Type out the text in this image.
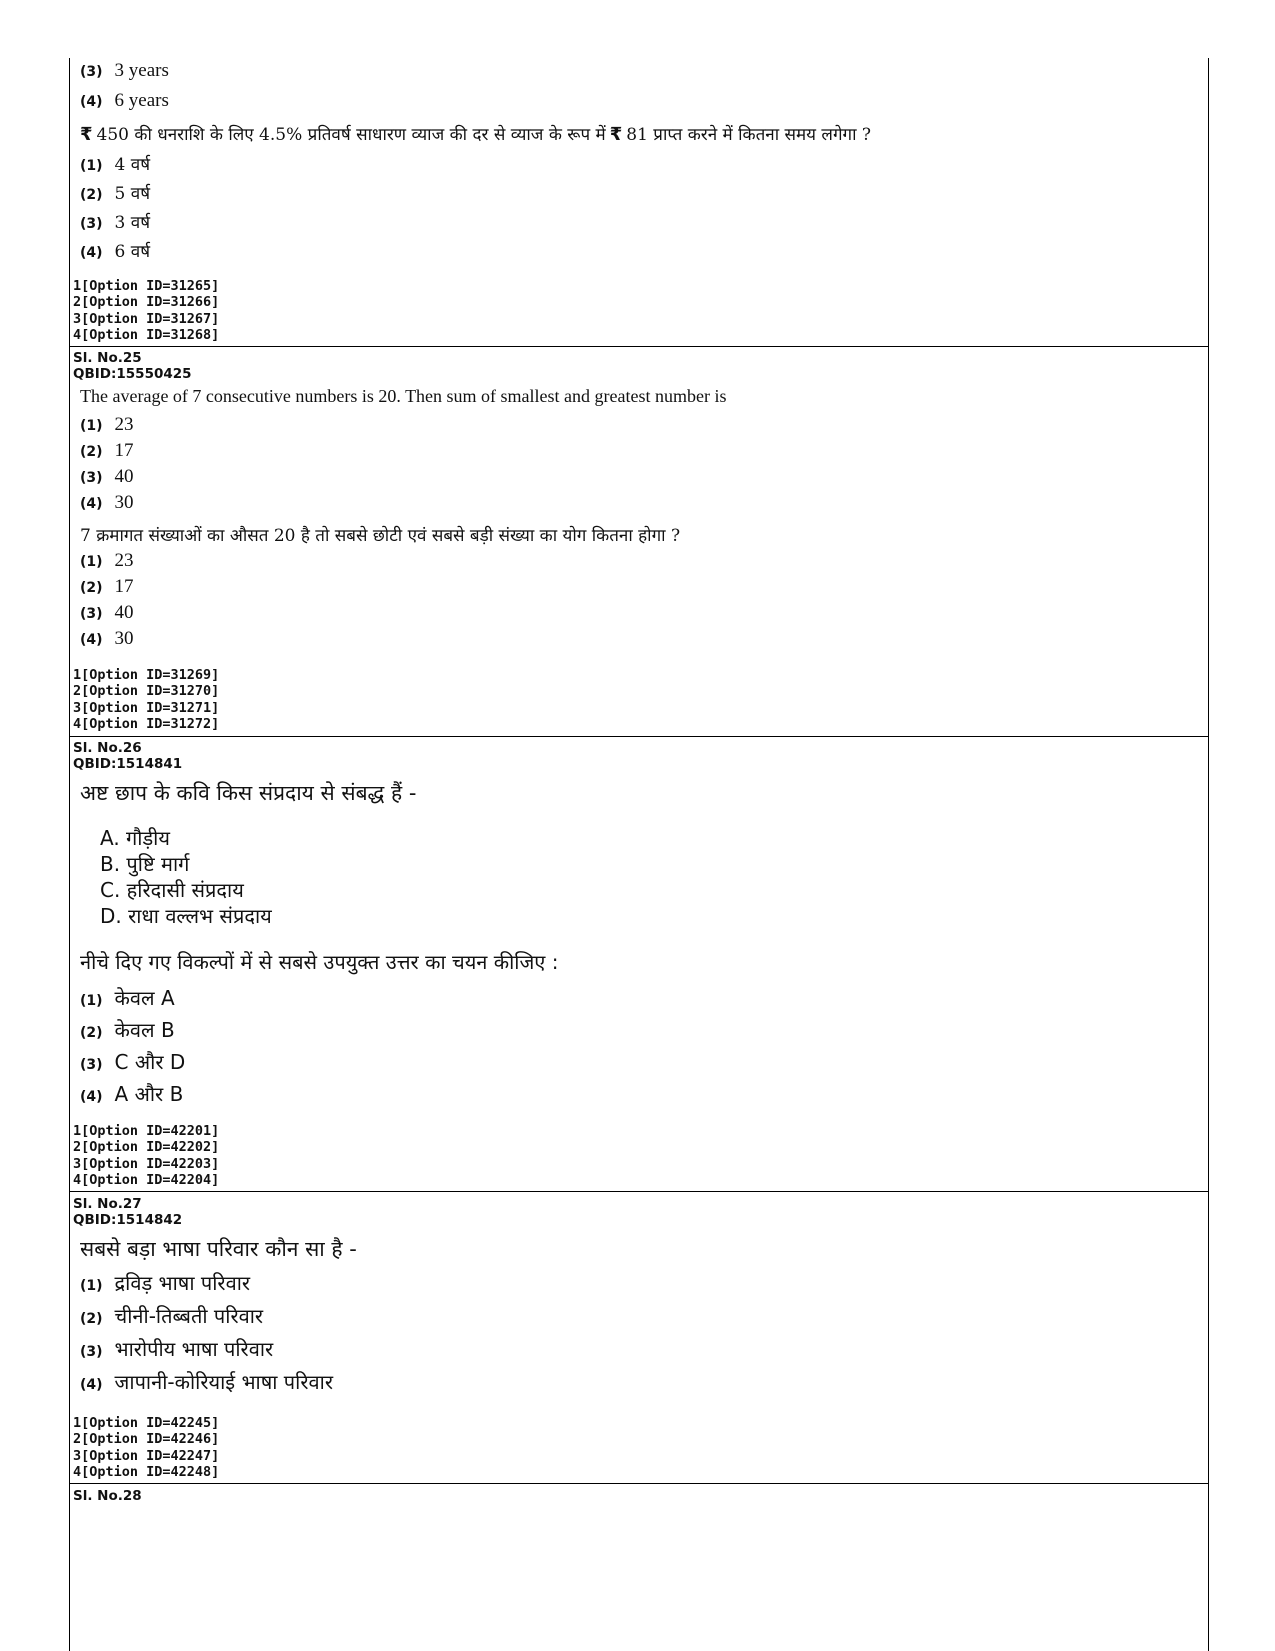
(3) 3 years
(4) 6 years
₹ 450 की धनराशि के लिए 4.5% प्रतिवर्ष साधारण व्याज की दर से व्याज के रूप में ₹ 81 प्राप्त करने में कितना समय लगेगा ?
(1) 4 वर्ष
(2) 5 वर्ष
(3) 3 वर्ष
(4) 6 वर्ष
1[Option ID=31265]
2[Option ID=31266]
3[Option ID=31267]
4[Option ID=31268]
Sl. No.25
QBID:15550425
The average of 7 consecutive numbers is 20. Then sum of smallest and greatest number is
(1) 23
(2) 17
(3) 40
(4) 30
7 क्रमागत संख्याओं का औसत 20 है तो सबसे छोटी एवं सबसे बड़ी संख्या का योग कितना होगा ?
(1) 23
(2) 17
(3) 40
(4) 30
1[Option ID=31269]
2[Option ID=31270]
3[Option ID=31271]
4[Option ID=31272]
Sl. No.26
QBID:1514841
अष्ट छाप के कवि किस संप्रदाय से संबद्ध हैं -
A. गौड़ीय
B. पुष्टि मार्ग
C. हरिदासी संप्रदाय
D. राधा वल्लभ संप्रदाय
नीचे दिए गए विकल्पों में से सबसे उपयुक्त उत्तर का चयन कीजिए :
(1) केवल A
(2) केवल B
(3) C और D
(4) A और B
1[Option ID=42201]
2[Option ID=42202]
3[Option ID=42203]
4[Option ID=42204]
Sl. No.27
QBID:1514842
सबसे बड़ा भाषा परिवार कौन सा है -
(1) द्रविड़ भाषा परिवार
(2) चीनी-तिब्बती परिवार
(3) भारोपीय भाषा परिवार
(4) जापानी-कोरियाई भाषा परिवार
1[Option ID=42245]
2[Option ID=42246]
3[Option ID=42247]
4[Option ID=42248]
Sl. No.28
